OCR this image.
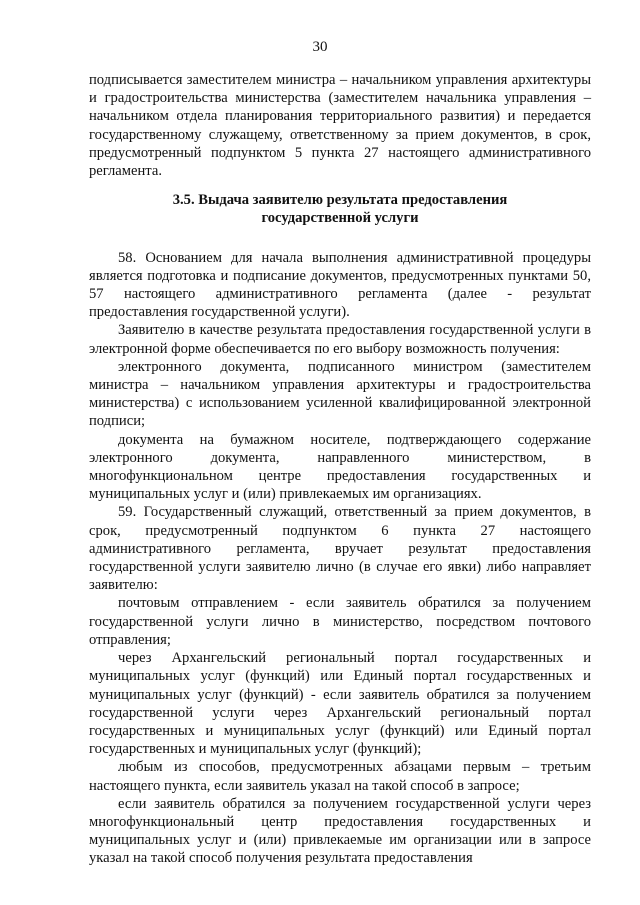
30

подписывается заместителем министра – начальником управления архитектуры и градостроительства министерства (заместителем начальника управления – начальником отдела планирования территориального развития) и передается государственному служащему, ответственному за прием документов, в срок, предусмотренный подпунктом 5 пункта 27 настоящего административного регламента.

3.5. Выдача заявителю результата предоставления
государственной услуги

58. Основанием для начала выполнения административной процедуры является подготовка и подписание документов, предусмотренных пунктами 50, 57 настоящего административного регламента (далее - результат предоставления государственной услуги).

Заявителю в качестве результата предоставления государственной услуги в электронной форме обеспечивается по его выбору возможность получения:

электронного документа, подписанного министром (заместителем министра – начальником управления архитектуры и градостроительства министерства) с использованием усиленной квалифицированной электронной подписи;

документа на бумажном носителе, подтверждающего содержание электронного документа, направленного министерством, в многофункциональном центре предоставления государственных и муниципальных услуг и (или) привлекаемых им организациях.

59. Государственный служащий, ответственный за прием документов, в срок, предусмотренный подпунктом 6 пункта 27 настоящего административного регламента, вручает результат предоставления государственной услуги заявителю лично (в случае его явки) либо направляет заявителю:

почтовым отправлением - если заявитель обратился за получением государственной услуги лично в министерство, посредством почтового отправления;

через Архангельский региональный портал государственных и муниципальных услуг (функций) или Единый портал государственных и муниципальных услуг (функций) - если заявитель обратился за получением государственной услуги через Архангельский региональный портал государственных и муниципальных услуг (функций) или Единый портал государственных и муниципальных услуг (функций);

любым из способов, предусмотренных абзацами первым – третьим настоящего пункта, если заявитель указал на такой способ в запросе;

если заявитель обратился за получением государственной услуги через многофункциональный центр предоставления государственных и муниципальных услуг и (или) привлекаемые им организации или в запросе указал на такой способ получения результата предоставления
